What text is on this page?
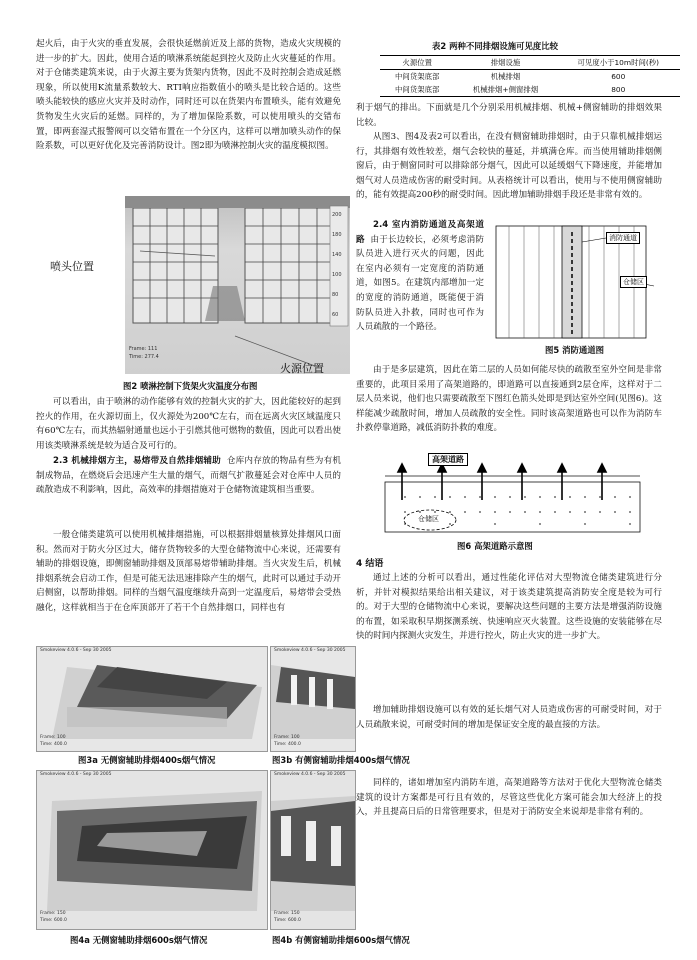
起火后，由于火灾的垂直发展，会很快延燃前近及上部的货物，造成火灾规模的进一步的扩大。因此，使用合适的喷淋系统能起到控火及防止火灾蔓延的作用。对于仓储类建筑来说，由于火源主要为货架内货物，因此不及时控制会造成延燃现象，所以使用K流量系数较大、RTI响应指数值小的喷头是比较合适的。这些喷头能较快的感应火灾并及时动作，同时还可以在货架内布置喷头，能有效避免货物发生火灾后的延燃。同样的，为了增加保险系数，可以使用喷头的交错布置，即两套湿式报警阀可以交错布置在一个分区内，这样可以增加喷头动作的保险系数，可以更好优化及完善消防设计。图2即为喷淋控制火灾的温度模拟图。

200
180
140
100
80
60
Frame: 111
Time: 277.4
喷头位置
火源位置
图2 喷淋控制下货架火灾温度分布图

可以看出，由于喷淋的动作能够有效的控制火灾的扩大，因此能较好的起到控火的作用，在火源切面上，仅火源处为200℃左右，而在远离火灾区域温度只有60℃左右，而其热辐射通量也远小于引燃其他可燃物的数值，因此可以看出使用该类喷淋系统是较为适合及可行的。

2.3 机械排烟方主，易熔带及自然排烟辅助 仓库内存放的物品有些为有机制成物品，在燃烧后会迅速产生大量的烟气，而烟气扩散蔓延会对仓库中人员的疏散造成不利影响，因此，高效率的排烟措施对于仓储物流建筑相当重要。

一般仓储类建筑可以使用机械排烟措施，可以根据排烟量核算处排烟风口面积。然而对于防火分区过大，储存货物较多的大型仓储物流中心来说，还需要有辅助的排烟设施，即侧窗辅助排烟及顶部易熔带辅助排烟。当火灾发生后，机械排烟系统会启动工作，但是可能无法迅速排除产生的烟气，此时可以通过手动开启侧窗，以帮助排烟。同样的当烟气温度继续升高到一定温度后，易熔带会受热融化，这样就相当于在仓库顶部开了若干个自然排烟口，同样也有

表2 两种不同排烟设施可见度比较
火源位置	排烟设施	可见度小于10m时间(秒)
中间货架底部	机械排烟	600
中间货架底部	机械排烟+侧窗排烟	800

利于烟气的排出。下面就是几个分别采用机械排烟、机械+侧窗辅助的排烟效果比较。

从图3、图4及表2可以看出，在没有侧窗辅助排烟时，由于只靠机械排烟运行，其排烟有效性较差，烟气会较快的蔓延，并填满仓库。而当使用辅助排烟侧窗后，由于侧窗同时可以排除部分烟气，因此可以延缓烟气下降速度，并能增加烟气对人员造成伤害的耐受时间。从表格统计可以看出，使用与不使用侧窗辅助的，能有效提高200秒的耐受时间。因此增加辅助排烟手段还是非常有效的。

2.4 室内消防通道及高架道路 由于长边较长，必须考虑消防队员进入进行灭火的问题，因此在室内必须有一定宽度的消防通道，如图5。在建筑内部增加一定的宽度的消防通道，既能便于消防队员进入扑救，同时也可作为人员疏散的一个路径。

消防通道
仓储区
图5 消防通道图

由于是多层建筑，因此在第二层的人员如何能尽快的疏散至室外空间是非常重要的，此项目采用了高架道路的，即道路可以直接通到2层仓库，这样对于二层人员来说，他们也只需要疏散至下图红色箭头处即是到达室外空间(见图6)。这样能减少疏散时间，增加人员疏散的安全性。同时该高架道路也可以作为消防车扑救停靠道路，减低消防扑救的难度。

高架道路
仓储区
图6 高架道路示意图
4 结语

通过上述的分析可以看出，通过性能化评估对大型物流仓储类建筑进行分析，并针对模拟结果给出相关建议，对于该类建筑提高消防安全度是较为可行的。对于大型的仓储物流中心来说，要解决这些问题的主要方法是增强消防设施的布置，如采取积早期探测系统、快速响应灭火装置。这些设施的安装能够在尽快的时间内探测火灾发生，并进行控火，防止火灾的进一步扩大。

增加辅助排烟设施可以有效的延长烟气对人员造成伤害的可耐受时间，对于人员疏散来说，可耐受时间的增加是保证安全度的最直接的方法。

同样的，诸如增加室内消防车道，高架道路等方法对于优化大型物流仓储类建筑的设计方案都是可行且有效的，尽管这些优化方案可能会加大经济上的投入，并且提高日后的日常管理要求，但是对于消防安全来说却是非常有利的。

Smokeview 4.0.6 - Sep 30 2005
Frame: 100
Time: 400.0
图3a 无侧窗辅助排烟400s烟气情况
Smokeview 4.0.6 - Sep 30 2005
Frame: 100
Time: 400.0
图3b 有侧窗辅助排烟400s烟气情况
Smokeview 4.0.6 - Sep 30 2005
Frame: 150
Time: 600.0
图4a 无侧窗辅助排烟600s烟气情况
Smokeview 4.0.6 - Sep 30 2005
Frame: 150
Time: 600.0
图4b 有侧窗辅助排烟600s烟气情况
